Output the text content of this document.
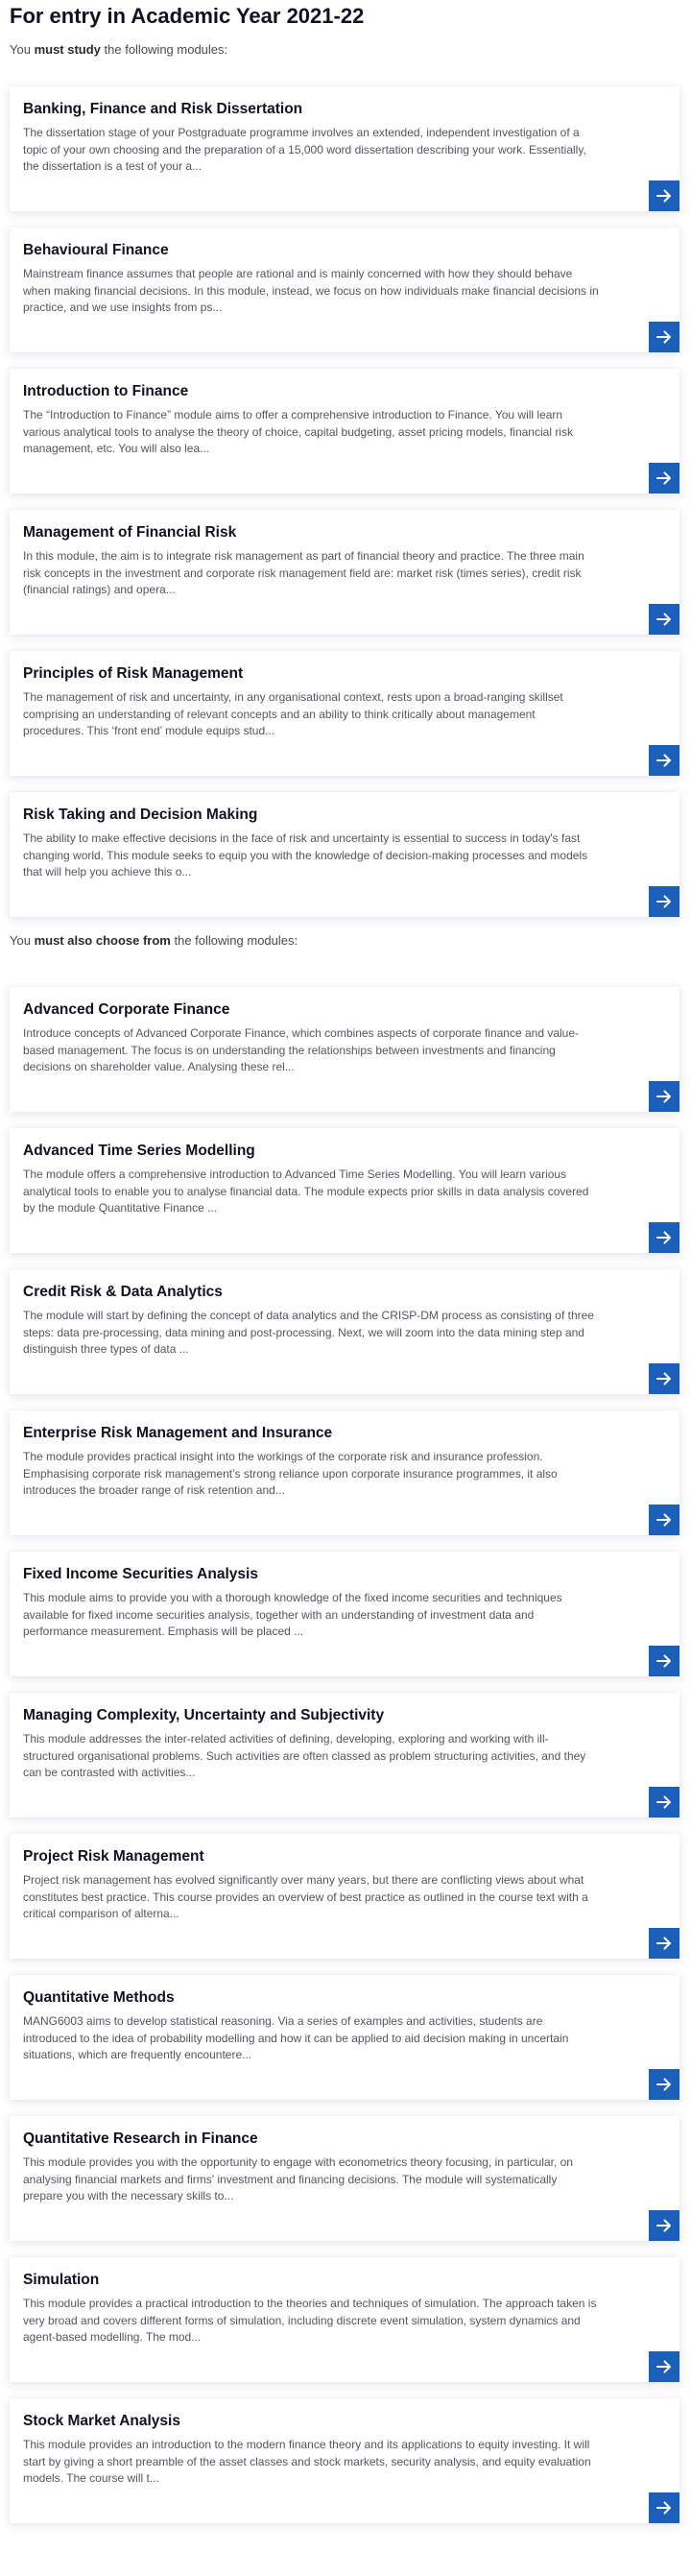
For entry in Academic Year 2021-22

You must study the following modules:

Banking, Finance and Risk Dissertation

The dissertation stage of your Postgraduate programme involves an extended, independent investigation of a topic of your own choosing and the preparation of a 15,000 word dissertation describing your work. Essentially, the dissertation is a test of your a...

Behavioural Finance

Mainstream finance assumes that people are rational and is mainly concerned with how they should behave when making financial decisions. In this module, instead, we focus on how individuals make financial decisions in practice, and we use insights from ps...

Introduction to Finance

The “Introduction to Finance” module aims to offer a comprehensive introduction to Finance. You will learn various analytical tools to analyse the theory of choice, capital budgeting, asset pricing models, financial risk management, etc. You will also lea...

Management of Financial Risk

In this module, the aim is to integrate risk management as part of financial theory and practice. The three main risk concepts in the investment and corporate risk management field are: market risk (times series), credit risk (financial ratings) and opera...

Principles of Risk Management

The management of risk and uncertainty, in any organisational context, rests upon a broad-ranging skillset comprising an understanding of relevant concepts and an ability to think critically about management procedures. This ‘front end’ module equips stud...

Risk Taking and Decision Making

The ability to make effective decisions in the face of risk and uncertainty is essential to success in today's fast changing world. This module seeks to equip you with the knowledge of decision-making processes and models that will help you achieve this o...

You must also choose from the following modules:

Advanced Corporate Finance

Introduce concepts of Advanced Corporate Finance, which combines aspects of corporate finance and value-based management. The focus is on understanding the relationships between investments and financing decisions on shareholder value. Analysing these rel...

Advanced Time Series Modelling

The module offers a comprehensive introduction to Advanced Time Series Modelling. You will learn various analytical tools to enable you to analyse financial data. The module expects prior skills in data analysis covered by the module Quantitative Finance ...

Credit Risk & Data Analytics

The module will start by defining the concept of data analytics and the CRISP-DM process as consisting of three steps: data pre-processing, data mining and post-processing. Next, we will zoom into the data mining step and distinguish three types of data ...

Enterprise Risk Management and Insurance

The module provides practical insight into the workings of the corporate risk and insurance profession. Emphasising corporate risk management’s strong reliance upon corporate insurance programmes, it also introduces the broader range of risk retention and...

Fixed Income Securities Analysis

This module aims to provide you with a thorough knowledge of the fixed income securities and techniques available for fixed income securities analysis, together with an understanding of investment data and performance measurement. Emphasis will be placed ...

Managing Complexity, Uncertainty and Subjectivity

This module addresses the inter-related activities of defining, developing, exploring and working with ill-structured organisational problems. Such activities are often classed as problem structuring activities, and they can be contrasted with activities...

Project Risk Management

Project risk management has evolved significantly over many years, but there are conflicting views about what constitutes best practice. This course provides an overview of best practice as outlined in the course text with a critical comparison of alterna...

Quantitative Methods

MANG6003 aims to develop statistical reasoning. Via a series of examples and activities, students are introduced to the idea of probability modelling and how it can be applied to aid decision making in uncertain situations, which are frequently encountere...

Quantitative Research in Finance

This module provides you with the opportunity to engage with econometrics theory focusing, in particular, on analysing financial markets and firms' investment and financing decisions. The module will systematically prepare you with the necessary skills to...

Simulation

This module provides a practical introduction to the theories and techniques of simulation. The approach taken is very broad and covers different forms of simulation, including discrete event simulation, system dynamics and agent-based modelling. The mod...

Stock Market Analysis

This module provides an introduction to the modern finance theory and its applications to equity investing. It will start by giving a short preamble of the asset classes and stock markets, security analysis, and equity evaluation models. The course will t...
